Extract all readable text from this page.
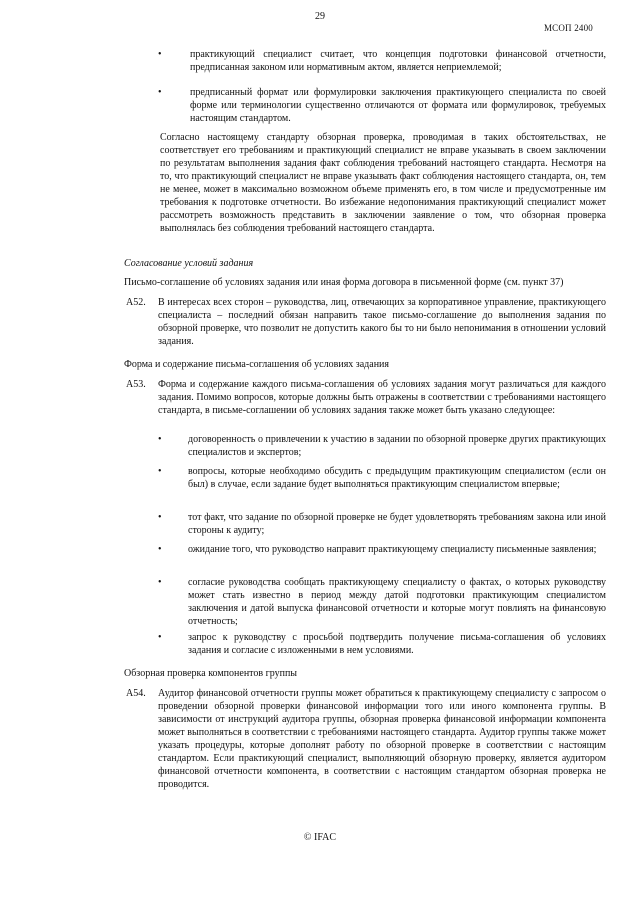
29
МСОП 2400
•	практикующий специалист считает, что концепция подготовки финансовой отчетности, предписанная законом или нормативным актом, является неприемлемой;
•	предписанный формат или формулировки заключения практикующего специалиста по своей форме или терминологии существенно отличаются от формата или формулировок, требуемых настоящим стандартом.
Согласно настоящему стандарту обзорная проверка, проводимая в таких обстоятельствах, не соответствует его требованиям и практикующий специалист не вправе указывать в своем заключении по результатам выполнения задания факт соблюдения требований настоящего стандарта. Несмотря на то, что практикующий специалист не вправе указывать факт соблюдения настоящего стандарта, он, тем не менее, может в максимально возможном объеме применять его, в том числе и предусмотренные им требования к подготовке отчетности. Во избежание недопонимания практикующий специалист может рассмотреть возможность представить в заключении заявление о том, что обзорная проверка выполнялась без соблюдения требований настоящего стандарта.
Согласование условий задания
Письмо-соглашение об условиях задания или иная форма договора в письменной форме (см. пункт 37)
A52. В интересах всех сторон – руководства, лиц, отвечающих за корпоративное управление, практикующего специалиста – последний обязан направить такое письмо-соглашение до выполнения задания по обзорной проверке, что позволит не допустить какого бы то ни было непонимания в отношении условий задания.
Форма и содержание письма-соглашения об условиях задания
A53. Форма и содержание каждого письма-соглашения об условиях задания могут различаться для каждого задания. Помимо вопросов, которые должны быть отражены в соответствии с требованиями настоящего стандарта, в письме-соглашении об условиях задания также может быть указано следующее:
•	договоренность о привлечении к участию в задании по обзорной проверке других практикующих специалистов и экспертов;
•	вопросы, которые необходимо обсудить с предыдущим практикующим специалистом (если он был) в случае, если задание будет выполняться практикующим специалистом впервые;
•	тот факт, что задание по обзорной проверке не будет удовлетворять требованиям закона или иной стороны к аудиту;
•	ожидание того, что руководство направит практикующему специалисту письменные заявления;
•	согласие руководства сообщать практикующему специалисту о фактах, о которых руководству может стать известно в период между датой подготовки практикующим специалистом заключения и датой выпуска финансовой отчетности и которые могут повлиять на финансовую отчетность;
•	запрос к руководству с просьбой подтвердить получение письма-соглашения об условиях задания и согласие с изложенными в нем условиями.
Обзорная проверка компонентов группы
A54. Аудитор финансовой отчетности группы может обратиться к практикующему специалисту с запросом о проведении обзорной проверки финансовой информации того или иного компонента группы. В зависимости от инструкций аудитора группы, обзорная проверка финансовой информации компонента может выполняться в соответствии с требованиями настоящего стандарта. Аудитор группы также может указать процедуры, которые дополнят работу по обзорной проверке в соответствии с настоящим стандартом. Если практикующий специалист, выполняющий обзорную проверку, является аудитором финансовой отчетности компонента, в соответствии с настоящим стандартом обзорная проверка не проводится.
© IFAC
